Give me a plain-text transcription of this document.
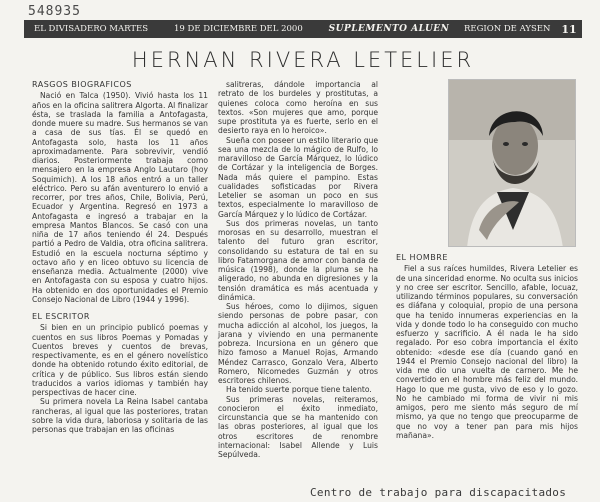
548935
EL DIVISADERO MARTES	19 DE DICIEMBRE DEL 2000	SUPLEMENTO ALUEN	REGION DE AYSEN 11
HERNAN RIVERA LETELIER
RASGOS BIOGRAFICOS

Nació en Talca (1950). Vivió hasta los 11 años en la oficina salitrera Algorta. Al finalizar ésta, se traslada la familia a Antofagasta, donde muere su madre. Sus hermanos se van a casa de sus tías. Él se quedó en Antofagasta solo, hasta los 11 años aproximadamente. Para sobrevivir, vendió diarios. Posteriormente trabaja como mensajero en la empresa Anglo Lautaro (hoy Soquimich). A los 18 años entró a un taller eléctrico. Pero su afán aventurero lo envió a recorrer, por tres años, Chile, Bolivia, Perú, Ecuador y Argentina. Regresó en 1973 a Antofagasta e ingresó a trabajar en la empresa Mantos Blancos. Se casó con una niña de 17 años teniendo él 24. Después partió a Pedro de Valdia, otra oficina salitrera. Estudió en la escuela nocturna séptimo y octavo año y en liceo obtuvo su licencia de enseñanza media. Actualmente (2000) vive en Antofagasta con su esposa y cuatro hijos. Ha obtenido en dos oportunidades el Premio Consejo Nacional de Libro (1944 y 1996).

EL ESCRITOR

Si bien en un principio publicó poemas y cuentos en sus libros Poemas y Pomadas y Cuentos breves y cuentos de brevas, respectivamente, es en el género novelístico donde ha obtenido rotundo éxito editorial, de crítica y de público. Sus libros están siendo traducidos a varios idiomas y también hay perspectivas de hacer cine.

Su primera novela La Reina Isabel cantaba rancheras, al igual que las posteriores, tratan sobre la vida dura, laboriosa y solitaria de las personas que trabajan en las oficinas

salitreras, dándole importancia al retrato de los burdeles y prostitutas, a quienes coloca como heroína en sus textos. «Son mujeres que amo, porque supe prostituta ya es fuerte, serlo en el desierto raya en lo heroico».

Sueña con poseer un estilo literario que sea una mezcla de lo mágico de Rulfo, lo maravilloso de García Márquez, lo lúdico de Cortázar y la inteligencia de Borges. Nada más quiere el pampino. Estas cualidades sofisticadas por Rivera Letelier se asoman un poco en sus textos, especialmente lo maravilloso de García Márquez y lo lúdico de Cortázar.

Sus dos primeras novelas, un tanto morosas en su desarrollo, muestran el talento del futuro gran escritor, consolidando su estatura de tal en su libro Fatamorgana de amor con banda de música (1998), donde la pluma se ha aligerado, no abunda en digresiones y la tensión dramática es más acentuada y dinámica.

Sus héroes, como lo dijimos, siguen siendo personas de pobre pasar, con mucha adicción al alcohol, los juegos, la jarana y viviendo en una permanente pobreza. Incursiona en un género que hizo famoso a Manuel Rojas, Armando Méndez Carrasco, Gonzalo Vera, Alberto Romero, Nicomedes Guzmán y otros escritores chilenos.

Ha tenido suerte porque tiene talento.

Sus primeras novelas, reiteramos, conocieron el éxito inmediato, circunstancia que se ha mantenido con las obras posteriores, al igual que los otros escritores de renombre internacional: Isabel Allende y Luis Sepúlveda.

EL HOMBRE

Fiel a sus raíces humildes, Rivera Letelier es de una sinceridad enorme. No oculta sus inicios y no cree ser escritor. Sencillo, afable, locuaz, utilizando términos populares, su conversación es diáfana y coloquial, propio de una persona que ha tenido innumeras experiencias en la vida y donde todo lo ha conseguido con mucho esfuerzo y sacrificio. A él nada le ha sido regalado. Por eso cobra importancia el éxito obtenido: «desde ese día (cuando ganó en 1944 el Premio Consejo nacional del libro) la vida me dio una vuelta de carnero. Me he convertido en el hombre más feliz del mundo. Hago lo que me gusta, vivo de eso y lo gozo. No he cambiado mi forma de vivir ni mis amigos, pero me siento más seguro de mí mismo, ya que no tengo que preocuparme de que no voy a tener pan para mis hijos mañana».

Centro de trabajo para discapacitados
